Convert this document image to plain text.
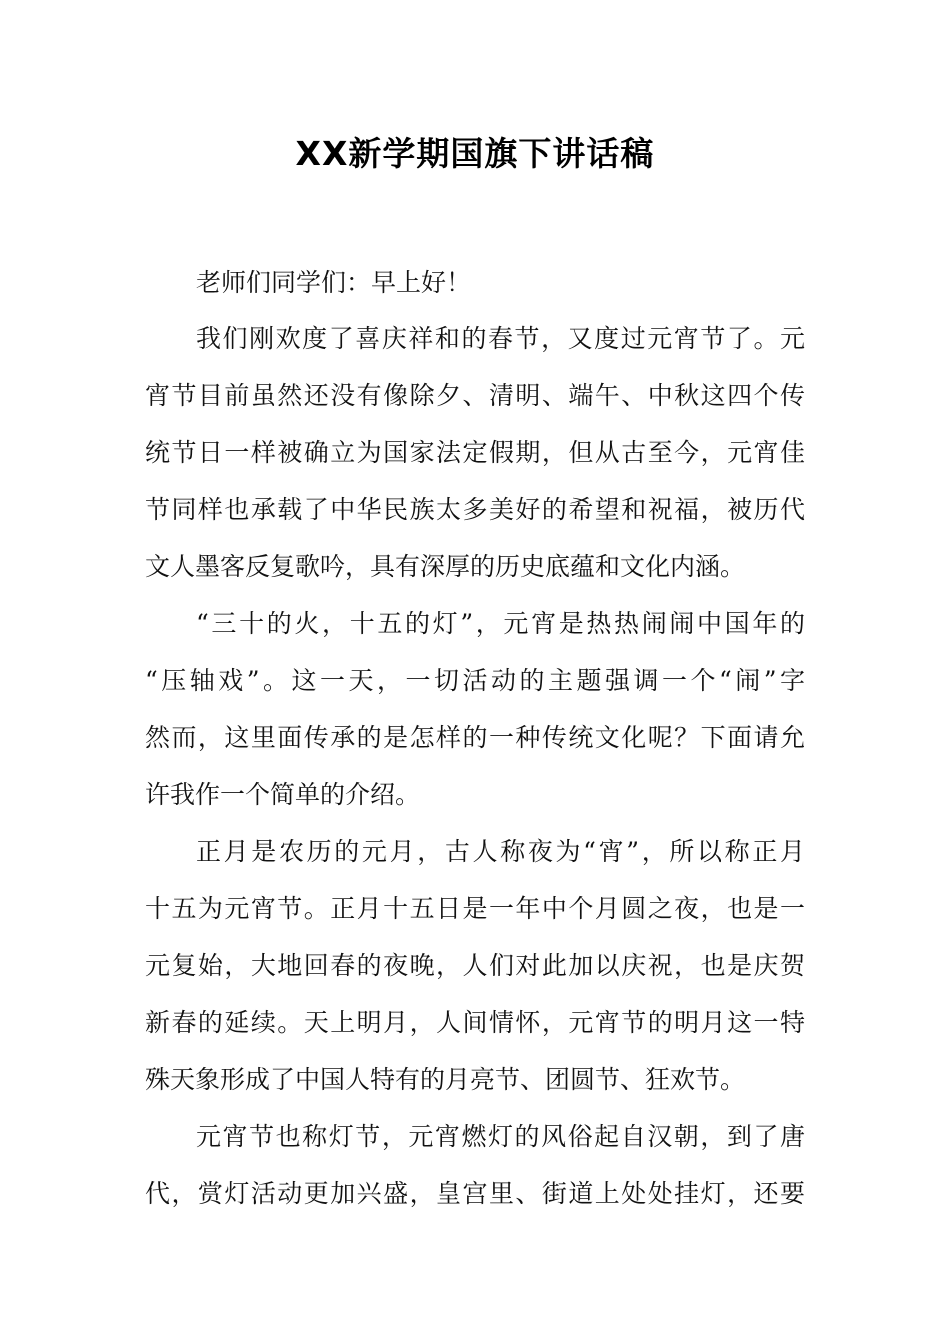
XX新学期国旗下讲话稿
老师们同学们：早上好！
我们刚欢度了喜庆祥和的春节，又度过元宵节了。元
宵节目前虽然还没有像除夕、清明、端午、中秋这四个传
统节日一样被确立为国家法定假期，但从古至今，元宵佳
节同样也承载了中华民族太多美好的希望和祝福，被历代
文人墨客反复歌吟，具有深厚的历史底蕴和文化内涵。
“三十的火，十五的灯”，元宵是热热闹闹中国年的
“压轴戏”。这一天，一切活动的主题强调一个“闹”字
然而，这里面传承的是怎样的一种传统文化呢？下面请允
许我作一个简单的介绍。
正月是农历的元月，古人称夜为“宵”，所以称正月
十五为元宵节。正月十五日是一年中个月圆之夜，也是一
元复始，大地回春的夜晚，人们对此加以庆祝，也是庆贺
新春的延续。天上明月，人间情怀，元宵节的明月这一特
殊天象形成了中国人特有的月亮节、团圆节、狂欢节。
元宵节也称灯节，元宵燃灯的风俗起自汉朝，到了唐
代，赏灯活动更加兴盛，皇宫里、街道上处处挂灯，还要
